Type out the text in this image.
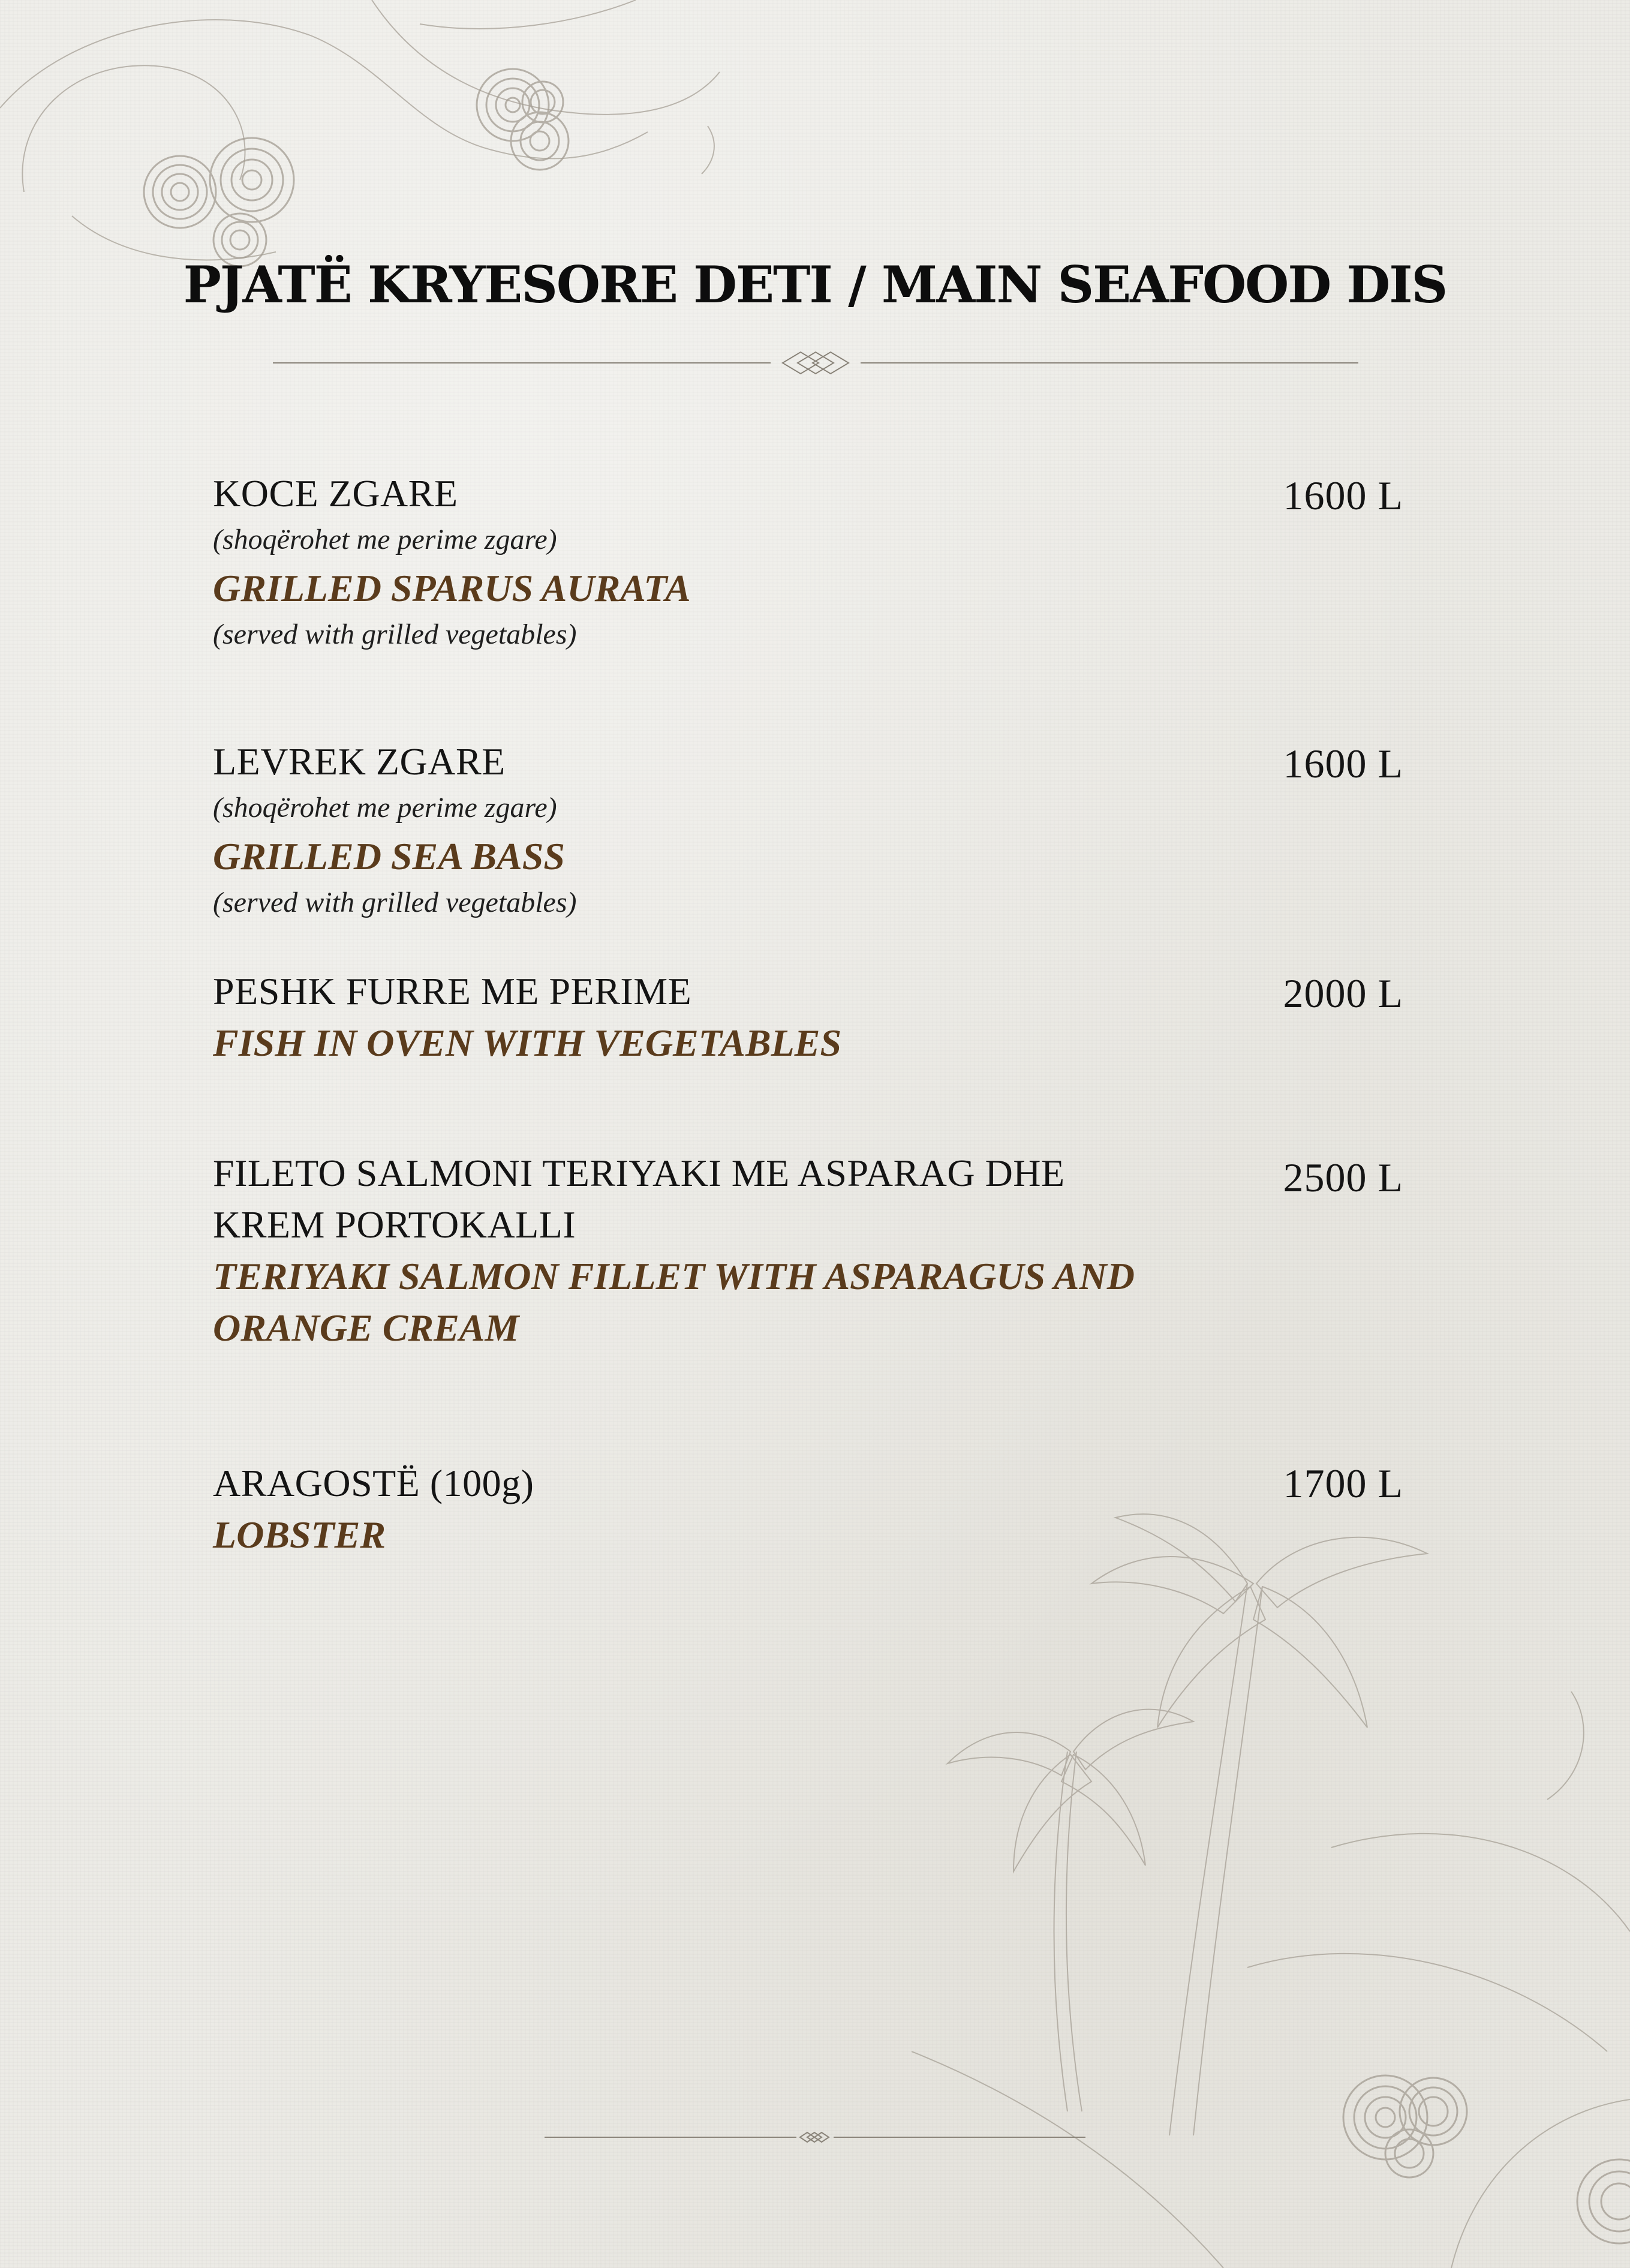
PJATË KRYESORE DETI / MAIN SEAFOOD DIS
KOCE ZGARE
(shoqërohet me perime zgare)
GRILLED SPARUS AURATA
(served with grilled vegetables)
1600 L
LEVREK ZGARE
(shoqërohet me perime zgare)
GRILLED SEA BASS
(served with grilled vegetables)
1600 L
PESHK FURRE ME PERIME
FISH IN OVEN WITH VEGETABLES
2000 L
FILETO SALMONI TERIYAKI ME ASPARAG DHE KREM PORTOKALLI
TERIYAKI SALMON FILLET WITH ASPARAGUS AND ORANGE CREAM
2500 L
ARAGOSTË (100g)
LOBSTER
1700 L
